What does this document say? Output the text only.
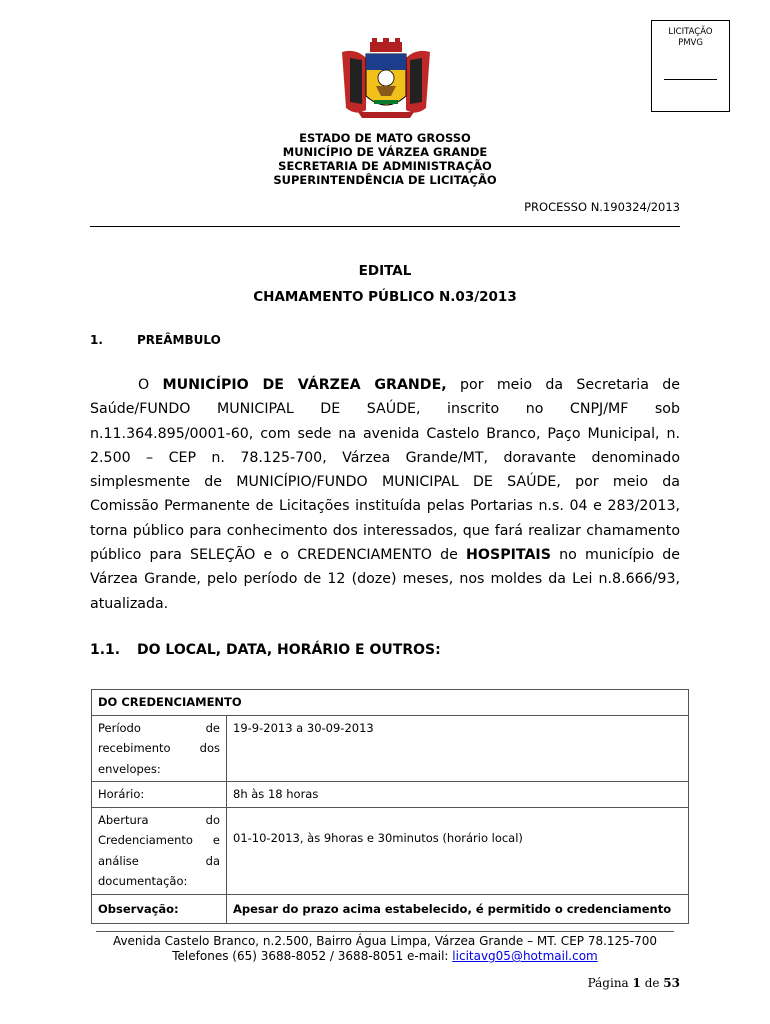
LICITAÇÃO
PMVG
ESTADO DE MATO GROSSO
MUNICÍPIO DE VÁRZEA GRANDE
SECRETARIA DE ADMINISTRAÇÃO
SUPERINTENDÊNCIA DE LICITAÇÃO
PROCESSO N.190324/2013
EDITAL
CHAMAMENTO PÚBLICO N.03/2013
1.	PREÂMBULO
O MUNICÍPIO DE VÁRZEA GRANDE, por meio da Secretaria de
Saúde/FUNDO MUNICIPAL DE SAÚDE, inscrito no CNPJ/MF sob
n.11.364.895/0001-60, com sede na avenida Castelo Branco, Paço Municipal, n.
2.500 – CEP n. 78.125-700, Várzea Grande/MT, doravante denominado
simplesmente de MUNICÍPIO/FUNDO MUNICIPAL DE SAÚDE, por meio da
Comissão Permanente de Licitações instituída pelas Portarias n.s. 04 e 283/2013,
torna público para conhecimento dos interessados, que fará realizar chamamento
público para SELEÇÃO e o CREDENCIAMENTO de HOSPITAIS no município de
Várzea Grande, pelo período de 12 (doze) meses, nos moldes da Lei n.8.666/93,
atualizada.
1.1. DO LOCAL, DATA, HORÁRIO E OUTROS:
DO CREDENCIAMENTO	

Período de
recebimento dos
envelopes:	19-9-2013 a 30-09-2013
Horário:	8h às 18 horas

Abertura do
Credenciamento e
análise da
documentação:	01-10-2013, às 9horas e 30minutos (horário local)
Observação:	Apesar do prazo acima estabelecido, é permitido o credenciamento
Avenida Castelo Branco, n.2.500, Bairro Água Limpa, Várzea Grande – MT. CEP 78.125-700
Telefones (65) 3688-8052 / 3688-8051 e-mail: licitavg05@hotmail.com
Página 1 de 53
